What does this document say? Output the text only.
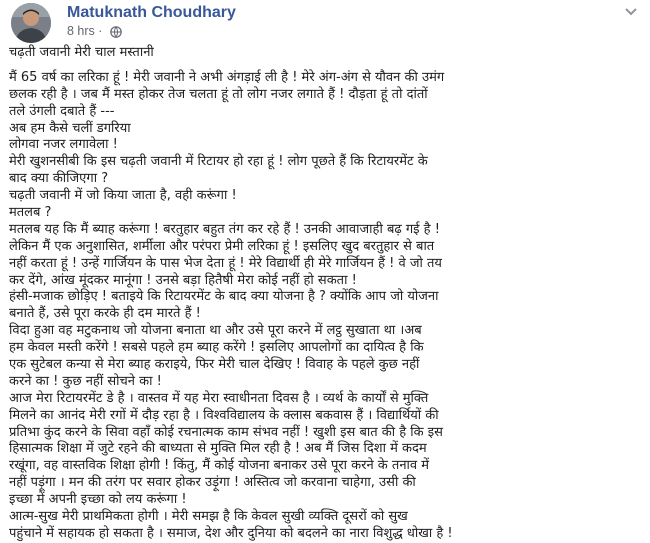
Matuknath Choudhary
8 hrs ·
चढ़ती जवानी मेरी चाल मस्तानी
मैं 65 वर्ष का लरिका हूं ! मेरी जवानी ने अभी अंगड़ाई ली है ! मेरे अंग-अंग से यौवन की उमंग
छलक रही है । जब मैं मस्त होकर तेज चलता हूं तो लोग नजर लगाते हैं ! दौड़ता हूं तो दांतों
तले उंगली दबाते हैं ---
अब हम कैसे चलीं डगरिया
लोगवा नजर लगावेला !
मेरी खुशनसीबी कि इस चढ़ती जवानी में रिटायर हो रहा हूं ! लोग पूछते हैं कि रिटायरमेंट के
बाद क्या कीजिएगा ?
चढ़ती जवानी में जो किया जाता है, वही करूंगा !
मतलब ?
मतलब यह कि मैं ब्याह करूंगा ! बरतुहार बहुत तंग कर रहे हैं ! उनकी आवाजाही बढ़ गई है !
लेकिन मैं एक अनुशासित, शर्मीला और परंपरा प्रेमी लरिका हूं ! इसलिए खुद बरतुहार से बात
नहीं करता हूं ! उन्हें गार्जियन के पास भेज देता हूं ! मेरे विद्यार्थी ही मेरे गार्जियन हैं ! वे जो तय
कर देंगे, आंख मूंदकर मानूंगा ! उनसे बड़ा हितैषी मेरा कोई नहीं हो सकता !
हंसी-मजाक छोड़िए ! बताइये कि रिटायरमेंट के बाद क्या योजना है ? क्योंकि आप जो योजना
बनाते हैं, उसे पूरा करके ही दम मारते हैं !
विदा हुआ वह मटुकनाथ जो योजना बनाता था और उसे पूरा करने में लट्ठ सुखाता था ।अब
हम केवल मस्ती करेंगे ! सबसे पहले हम ब्याह करेंगे ! इसलिए आपलोगों का दायित्व है कि
एक सुटेबल कन्या से मेरा ब्याह कराइये, फिर मेरी चाल देखिए ! विवाह के पहले कुछ नहीं
करने का ! कुछ नहीं सोचने का !
आज मेरा रिटायरमेंट डे है । वास्तव में यह मेरा स्वाधीनता दिवस है । व्यर्थ के कार्यों से मुक्ति
मिलने का आनंद मेरी रगों में दौड़ रहा है । विश्वविद्यालय के क्लास बकवास हैं । विद्यार्थियों की
प्रतिभा कुंद करने के सिवा वहाँ कोई रचनात्मक काम संभव नहीं ! खुशी इस बात की है कि इस
हिसात्मक शिक्षा में जुटे रहने की बाध्यता से मुक्ति मिल रही है ! अब मैं जिस दिशा में कदम
रखूंगा, वह वास्तविक शिक्षा होगी ! किंतु, मैं कोई योजना बनाकर उसे पूरा करने के तनाव में
नहीं पड़ूंगा । मन की तरंग पर सवार होकर उड़ूंगा ! अस्तित्व जो करवाना चाहेगा, उसी की
इच्छा में अपनी इच्छा को लय करूंगा !
आत्म-सुख मेरी प्राथमिकता होगी । मेरी समझ है कि केवल सुखी व्यक्ति दूसरों को सुख
पहुंचाने में सहायक हो सकता है । समाज, देश और दुनिया को बदलने का नारा विशुद्ध धोखा है !
